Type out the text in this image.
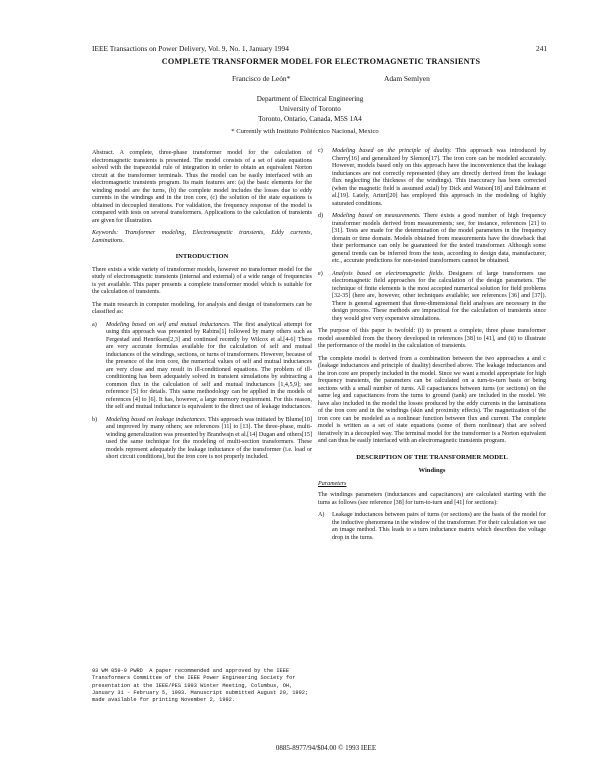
IEEE Transactions on Power Delivery, Vol. 9, No. 1, January 1994	241
COMPLETE TRANSFORMER MODEL FOR ELECTROMAGNETIC TRANSIENTS
Francisco de León*	Adam Semlyen
Department of Electrical Engineering
University of Toronto
Toronto, Ontario, Canada, M5S 1A4
* Currently with Instituto Politécnico Nacional, Mexico

Abstract. A complete, three-phase transformer model for the calculation of electromagnetic transients is presented. The model consists of a set of state equations solved with the trapezoidal rule of integration in order to obtain an equivalent Norton circuit at the transformer terminals. Thus the model can be easily interfaced with an electromagnetic transients program. Its main features are: (a) the basic elements for the winding model are the turns, (b) the complete model includes the losses due to eddy currents in the windings and in the iron core, (c) the solution of the state equations is obtained in decoupled iterations. For validation, the frequency response of the model is compared with tests on several transformers. Applications to the calculation of transients are given for illustration.

Keywords: Transformer modeling, Electromagnetic transients, Eddy currents, Laminations.

INTRODUCTION

There exists a wide variety of transformer models, however no transformer model for the study of electromagnetic transients (internal and external) of a wide range of frequencies is yet available. This paper presents a complete transformer model which is suitable for the calculation of transients.

The main research in computer modeling, for analysis and design of transformers can be classified as:

a)	Modeling based on self and mutual inductances. The first analytical attempt for using this approach was presented by Rabins[1] followed by many others such as Fergestad and Henriksen[2,3] and continued recently by Wilcox et al.[4-6] There are very accurate formulas available for the calculation of self and mutual inductances of the windings, sections, or turns of transformers. However, because of the presence of the iron core, the numerical values of self and mutual inductances are very close and may result in ill-conditioned equations. The problem of ill-conditioning has been adequately solved in transient simulations by subtracting a common flux in the calculation of self and mutual inductances [1,4,5,9]; see reference [5] for details. This same methodology can be applied in the models of references [4] to [6]. It has, however, a large memory requirement. For this reason, the self and mutual inductance is equivalent to the direct use of leakage inductances.
b)	Modeling based on leakage inductances. This approach was initiated by Blume[10] and improved by many others; see references [11] to [13]. The three-phase, multi-winding generalization was presented by Brandwajn et al.[14] Dugan and others[15] used the same technique for the modeling of multi-section transformers. These models represent adequately the leakage inductance of the transformer (i.e. load or short circuit conditions), but the iron core is not properly included.
93 WM 059-9 PWRD  A paper recommended and approved by the IEEE Transformers Committee of the IEEE Power Engineering Society for presentation at the IEEE/PES 1993 Winter Meeting, Columbus, OH, January 31 - February 5, 1993. Manuscript submitted August 20, 1992; made available for printing November 2, 1992.
c)	Modeling based on the principle of duality. This approach was introduced by Cherry[16] and generalized by Slemon[17]. The iron core can be modeled accurately. However, models based only on this approach have the inconvenience that the leakage inductances are not correctly represented (they are directly derived from the leakage flux neglecting the thickness of the windings). This inaccuracy has been corrected (when the magnetic field is assumed axial) by Dick and Watson[18] and Edelmann et al.[19]. Lately, Arturi[20] has employed this approach in the modeling of highly saturated conditions.
d)	Modeling based on measurements. There exists a good number of high frequency transformer models derived from measurements; see, for instance, references [21] to [31]. Tests are made for the determination of the model parameters in the frequency domain or time domain. Models obtained from measurements have the drawback that their performance can only be guaranteed for the tested transformer. Although some general trends can be inferred from the tests, according to design data, manufacturer, etc., accurate predictions for non-tested transformers cannot be obtained.
e)	Analysis based on electromagnetic fields. Designers of large transformers use electromagnetic field approaches for the calculation of the design parameters. The technique of finite elements is the most accepted numerical solution for field problems [32-35] (here are, however, other techniques available; see references [36] and [37]). There is general agreement that three-dimensional field analyses are necessary in the design process. These methods are impractical for the calculation of transients since they would give very expensive simulations.

The purpose of this paper is twofold: (i) to present a complete, three phase transformer model assembled from the theory developed in references [38] to [41], and (ii) to illustrate the performance of the model in the calculation of transients.

The complete model is derived from a combination between the two approaches a and c (leakage inductances and principle of duality) described above. The leakage inductances and the iron core are properly included in the model. Since we want a model appropriate for high frequency transients, the parameters can be calculated on a turn-to-turn basis or being sections with a small number of turns. All capacitances between turns (or sections) on the same leg and capacitances from the turns to ground (tank) are included in the model. We have also included in the model the losses produced by the eddy currents in the laminations of the iron core and in the windings (skin and proximity effects). The magnetization of the iron core can be modeled as a nonlinear function between flux and current. The complete model is written as a set of state equations (some of them nonlinear) that are solved iteratively in a decoupled way. The terminal model for the transformer is a Norton equivalent and can thus be easily interfaced with an electromagnetic transients program.

DESCRIPTION OF THE TRANSFORMER MODEL
Windings
Parameters

The windings parameters (inductances and capacitances) are calculated starting with the turns as follows (see reference [38] for turn-to-turn and [41] for sections):

A)	Leakage inductances between pairs of turns (or sections) are the basis of the model for the inductive phenomena in the window of the transformer. For their calculation we use an image method. This leads to a turn inductance matrix which describes the voltage drop in the turns.
0885-8977/94/$04.00 © 1993 IEEE
